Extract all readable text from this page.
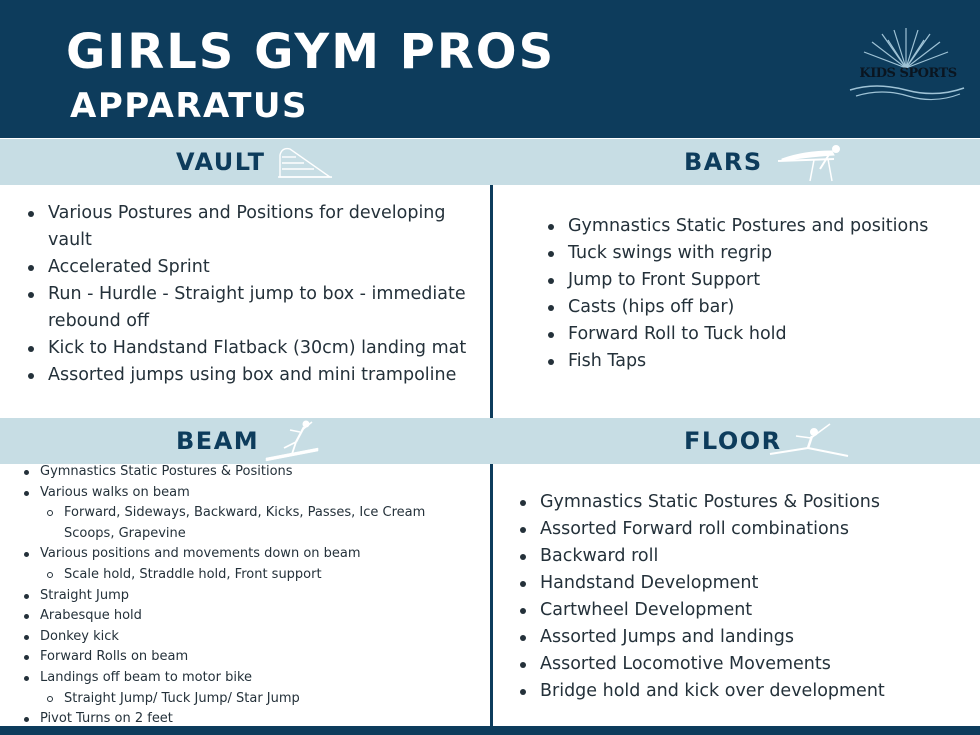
GIRLS GYM PROS
APPARATUS
KIDS SPORTS
VAULT	BARS
BEAM	FLOOR
Various Postures and Positions for developing vault
Accelerated Sprint
Run - Hurdle - Straight jump to box - immediate rebound off
Kick to Handstand Flatback (30cm) landing mat
Assorted jumps using box and mini trampoline
Gymnastics Static Postures and positions
Tuck swings with regrip
Jump to Front Support
Casts (hips off bar)
Forward Roll to Tuck hold
Fish Taps
Gymnastics Static Postures & Positions
Various walks on beam
Forward, Sideways, Backward, Kicks, Passes, Ice Cream Scoops, Grapevine
Various positions and movements down on beam
Scale hold, Straddle hold, Front support
Straight Jump
Arabesque hold
Donkey kick
Forward Rolls on beam
Landings off beam to motor bike
Straight Jump/ Tuck Jump/ Star Jump
Pivot Turns on 2 feet
Gymnastics Static Postures & Positions
Assorted Forward roll combinations
Backward roll
Handstand Development
Cartwheel Development
Assorted Jumps and landings
Assorted Locomotive Movements
Bridge hold and kick over development
